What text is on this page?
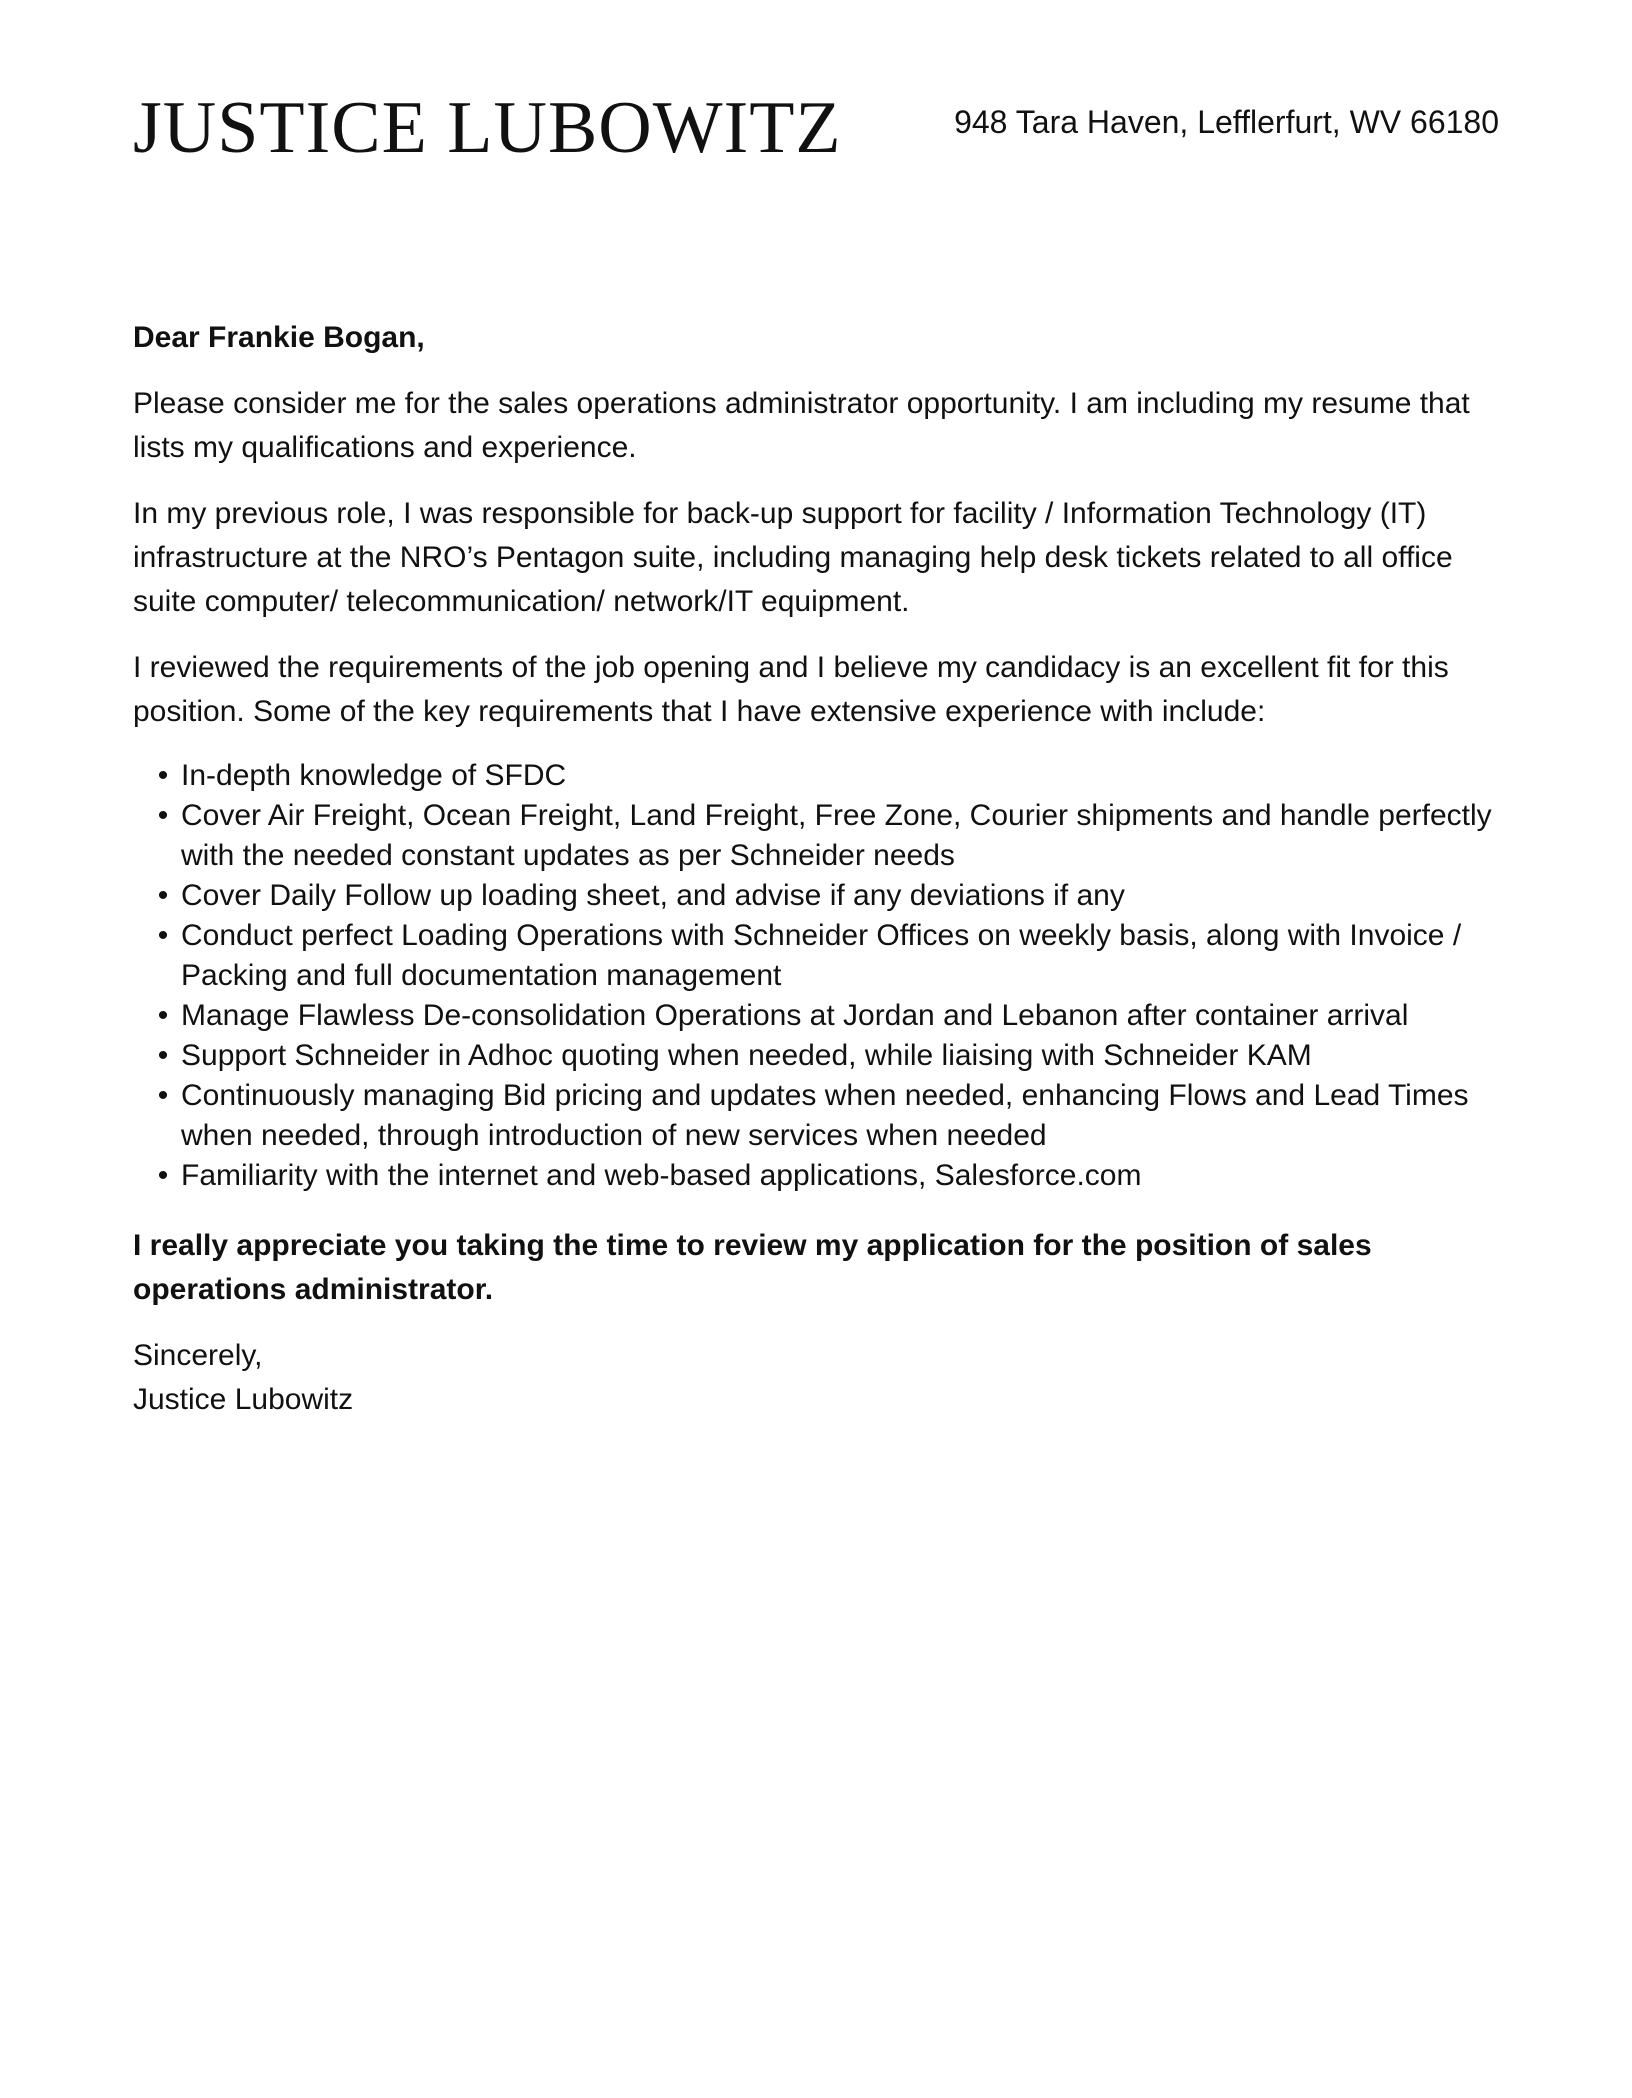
JUSTICE LUBOWITZ	948 Tara Haven, Lefflerfurt, WV 66180

Dear Frankie Bogan,

Please consider me for the sales operations administrator opportunity. I am including my resume that lists my qualifications and experience.

In my previous role, I was responsible for back-up support for facility / Information Technology (IT) infrastructure at the NRO’s Pentagon suite, including managing help desk tickets related to all office suite computer/ telecommunication/ network/IT equipment.

I reviewed the requirements of the job opening and I believe my candidacy is an excellent fit for this position. Some of the key requirements that I have extensive experience with include:

• In-depth knowledge of SFDC
• Cover Air Freight, Ocean Freight, Land Freight, Free Zone, Courier shipments and handle perfectly with the needed constant updates as per Schneider needs
• Cover Daily Follow up loading sheet, and advise if any deviations if any
• Conduct perfect Loading Operations with Schneider Offices on weekly basis, along with Invoice / Packing and full documentation management
• Manage Flawless De-consolidation Operations at Jordan and Lebanon after container arrival
• Support Schneider in Adhoc quoting when needed, while liaising with Schneider KAM
• Continuously managing Bid pricing and updates when needed, enhancing Flows and Lead Times when needed, through introduction of new services when needed
• Familiarity with the internet and web-based applications, Salesforce.com

I really appreciate you taking the time to review my application for the position of sales operations administrator.

Sincerely,
Justice Lubowitz
